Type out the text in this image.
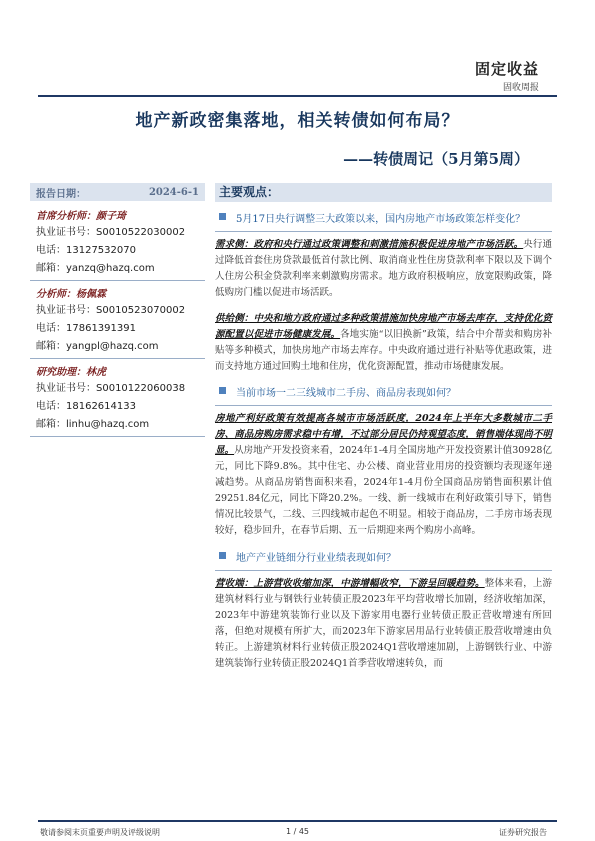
固定收益
固收周报
地产新政密集落地，相关转债如何布局？
——转债周记（5月第5周）
报告日期：	2024-6-1
首席分析师：颜子琦
执业证书号：S0010522030002
电话：13127532070
邮箱：yanzq@hazq.com
分析师：杨佩霖
执业证书号：S0010523070002
电话：17861391391
邮箱：yangpl@hazq.com
研究助理：林虎
执业证书号：S0010122060038
电话：18162614133
邮箱：linhu@hazq.com
主要观点：
5月17日央行调整三大政策以来，国内房地产市场政策怎样变化？

需求侧：政府和央行通过政策调整和刺激措施积极促进房地产市场活跃。央行通过降低首套住房贷款最低首付款比例、取消商业性住房贷款利率下限以及下调个人住房公积金贷款利率来刺激购房需求。地方政府积极响应，放宽限购政策，降低购房门槛以促进市场活跃。

供给侧：中央和地方政府通过多种政策措施加快房地产市场去库存，支持优化资源配置以促进市场健康发展。各地实施“以旧换新”政策，结合中介帮卖和购房补贴等多种模式，加快房地产市场去库存。中央政府通过进行补贴等优惠政策，进而支持地方通过回购土地和住房，优化资源配置，推动市场健康发展。

当前市场一二三线城市二手房、商品房表现如何？

房地产利好政策有效提高各城市市场活跃度，2024年上半年大多数城市二手房、商品房购房需求稳中有增，不过部分居民仍持观望态度，销售端体现尚不明显。从房地产开发投资来看，2024年1-4月全国房地产开发投资累计值30928亿元，同比下降9.8%。其中住宅、办公楼、商业营业用房的投资额均表现逐年递减趋势。从商品房销售面积来看，2024年1-4月份全国商品房销售面积累计值29251.84亿元，同比下降20.2%。一线、新一线城市在利好政策引导下，销售情况比较景气，二线、三四线城市起色不明显。相较于商品房，二手房市场表现较好，稳步回升，在春节后期、五一后期迎来两个购房小高峰。

地产产业链细分行业业绩表现如何？

营收端：上游营收收缩加深，中游增幅收窄，下游呈回暖趋势。整体来看，上游建筑材料行业与钢铁行业转债正股2023年平均营收增长加剧，经济收缩加深，2023年中游建筑装饰行业以及下游家用电器行业转债正股正营收增速有所回落，但绝对规模有所扩大，而2023年下游家居用品行业转债正股营收增速由负转正。上游建筑材料行业转债正股2024Q1营收增速加剧，上游钢铁行业、中游建筑装饰行业转债正股2024Q1首季营收增速转负，而

敬请参阅末页重要声明及评级说明	1 / 45	证券研究报告
